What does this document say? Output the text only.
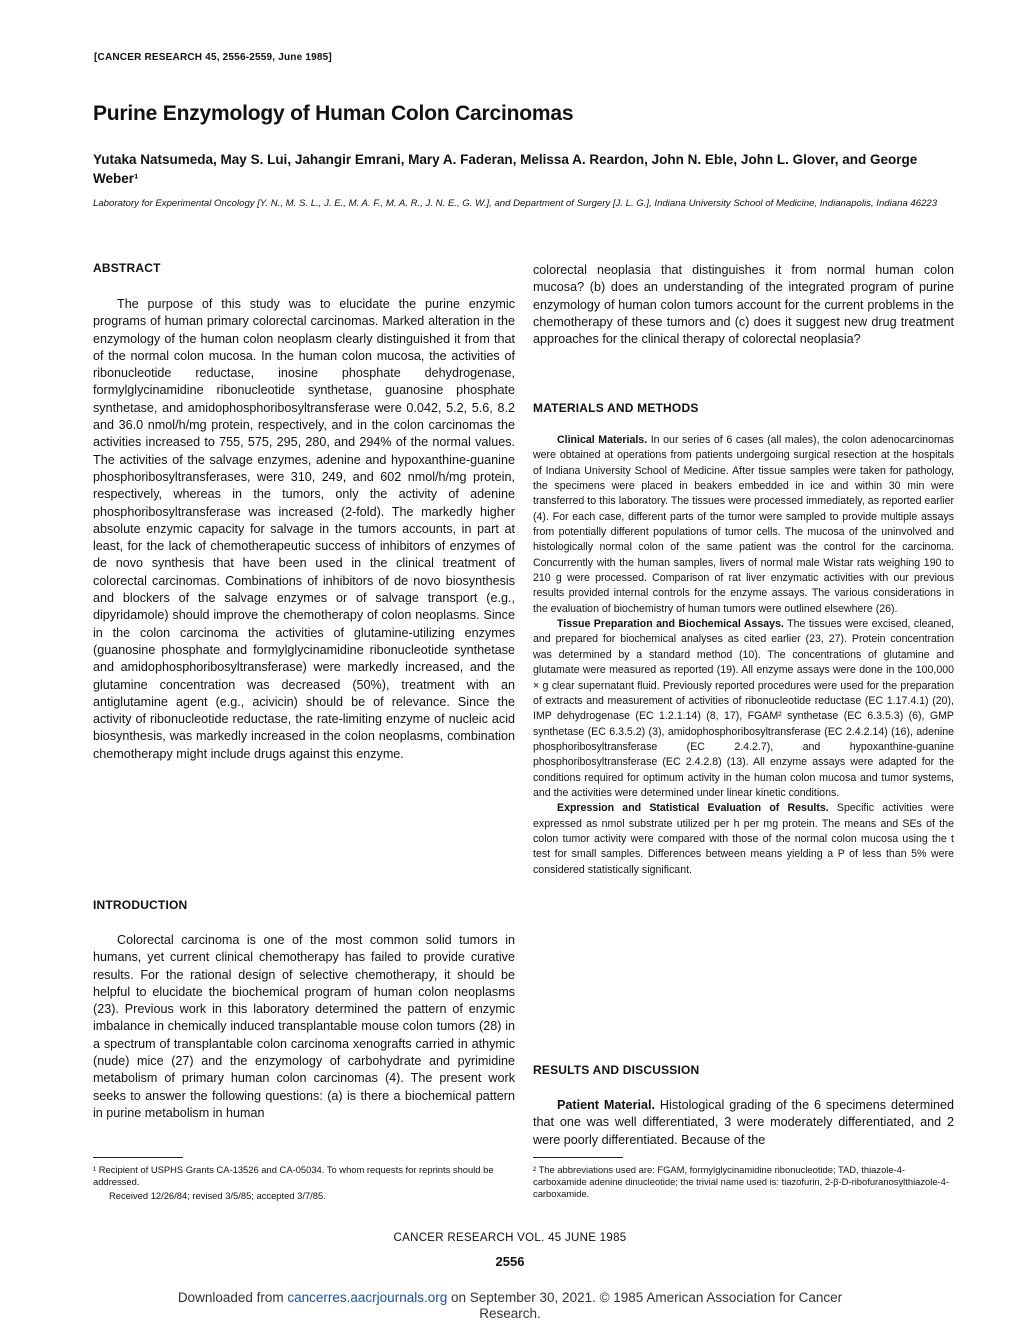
[CANCER RESEARCH 45, 2556-2559, June 1985]
Purine Enzymology of Human Colon Carcinomas
Yutaka Natsumeda, May S. Lui, Jahangir Emrani, Mary A. Faderan, Melissa A. Reardon, John N. Eble, John L. Glover, and George Weber¹
Laboratory for Experimental Oncology [Y. N., M. S. L., J. E., M. A. F., M. A. R., J. N. E., G. W.], and Department of Surgery [J. L. G.], Indiana University School of Medicine, Indianapolis, Indiana 46223
ABSTRACT

The purpose of this study was to elucidate the purine enzymic programs of human primary colorectal carcinomas. Marked alteration in the enzymology of the human colon neoplasm clearly distinguished it from that of the normal colon mucosa. In the human colon mucosa, the activities of ribonucleotide reductase, inosine phosphate dehydrogenase, formylglycinamidine ribonucleotide synthetase, guanosine phosphate synthetase, and amidophosphoribosyltransferase were 0.042, 5.2, 5.6, 8.2 and 36.0 nmol/h/mg protein, respectively, and in the colon carcinomas the activities increased to 755, 575, 295, 280, and 294% of the normal values. The activities of the salvage enzymes, adenine and hypoxanthine-guanine phosphoribosyltransferases, were 310, 249, and 602 nmol/h/mg protein, respectively, whereas in the tumors, only the activity of adenine phosphoribosyltransferase was increased (2-fold). The markedly higher absolute enzymic capacity for salvage in the tumors accounts, in part at least, for the lack of chemotherapeutic success of inhibitors of enzymes of de novo synthesis that have been used in the clinical treatment of colorectal carcinomas. Combinations of inhibitors of de novo biosynthesis and blockers of the salvage enzymes or of salvage transport (e.g., dipyridamole) should improve the chemotherapy of colon neoplasms. Since in the colon carcinoma the activities of glutamine-utilizing enzymes (guanosine phosphate and formylglycinamidine ribonucleotide synthetase and amidophosphoribosyltransferase) were markedly increased, and the glutamine concentration was decreased (50%), treatment with an antiglutamine agent (e.g., acivicin) should be of relevance. Since the activity of ribonucleotide reductase, the rate-limiting enzyme of nucleic acid biosynthesis, was markedly increased in the colon neoplasms, combination chemotherapy might include drugs against this enzyme.

INTRODUCTION

Colorectal carcinoma is one of the most common solid tumors in humans, yet current clinical chemotherapy has failed to provide curative results. For the rational design of selective chemotherapy, it should be helpful to elucidate the biochemical program of human colon neoplasms (23). Previous work in this laboratory determined the pattern of enzymic imbalance in chemically induced transplantable mouse colon tumors (28) in a spectrum of transplantable colon carcinoma xenografts carried in athymic (nude) mice (27) and the enzymology of carbohydrate and pyrimidine metabolism of primary human colon carcinomas (4). The present work seeks to answer the following questions: (a) is there a biochemical pattern in purine metabolism in human

¹ Recipient of USPHS Grants CA-13526 and CA-05034. To whom requests for reprints should be addressed.
Received 12/26/84; revised 3/5/85; accepted 3/7/85.

colorectal neoplasia that distinguishes it from normal human colon mucosa? (b) does an understanding of the integrated program of purine enzymology of human colon tumors account for the current problems in the chemotherapy of these tumors and (c) does it suggest new drug treatment approaches for the clinical therapy of colorectal neoplasia?

MATERIALS AND METHODS

Clinical Materials. In our series of 6 cases (all males), the colon adenocarcinomas were obtained at operations from patients undergoing surgical resection at the hospitals of Indiana University School of Medicine. After tissue samples were taken for pathology, the specimens were placed in beakers embedded in ice and within 30 min were transferred to this laboratory. The tissues were processed immediately, as reported earlier (4). For each case, different parts of the tumor were sampled to provide multiple assays from potentially different populations of tumor cells. The mucosa of the uninvolved and histologically normal colon of the same patient was the control for the carcinoma. Concurrently with the human samples, livers of normal male Wistar rats weighing 190 to 210 g were processed. Comparison of rat liver enzymatic activities with our previous results provided internal controls for the enzyme assays. The various considerations in the evaluation of biochemistry of human tumors were outlined elsewhere (26).

Tissue Preparation and Biochemical Assays. The tissues were excised, cleaned, and prepared for biochemical analyses as cited earlier (23, 27). Protein concentration was determined by a standard method (10). The concentrations of glutamine and glutamate were measured as reported (19). All enzyme assays were done in the 100,000 × g clear supernatant fluid. Previously reported procedures were used for the preparation of extracts and measurement of activities of ribonucleotide reductase (EC 1.17.4.1) (20), IMP dehydrogenase (EC 1.2.1.14) (8, 17), FGAM² synthetase (EC 6.3.5.3) (6), GMP synthetase (EC 6.3.5.2) (3), amidophosphoribosyltransferase (EC 2.4.2.14) (16), adenine phosphoribosyltransferase (EC 2.4.2.7), and hypoxanthine-guanine phosphoribosyltransferase (EC 2.4.2.8) (13). All enzyme assays were adapted for the conditions required for optimum activity in the human colon mucosa and tumor systems, and the activities were determined under linear kinetic conditions.

Expression and Statistical Evaluation of Results. Specific activities were expressed as nmol substrate utilized per h per mg protein. The means and SEs of the colon tumor activity were compared with those of the normal colon mucosa using the t test for small samples. Differences between means yielding a P of less than 5% were considered statistically significant.

RESULTS AND DISCUSSION

Patient Material. Histological grading of the 6 specimens determined that one was well differentiated, 3 were moderately differentiated, and 2 were poorly differentiated. Because of the

² The abbreviations used are: FGAM, formylglycinamidine ribonucleotide; TAD, thiazole-4-carboxamide adenine dinucleotide; the trivial name used is: tiazofurin, 2-β-D-ribofuranosylthiazole-4-carboxamide.
CANCER RESEARCH VOL. 45 JUNE 1985
2556
Downloaded from cancerres.aacrjournals.org on September 30, 2021. © 1985 American Association for Cancer
Research.
